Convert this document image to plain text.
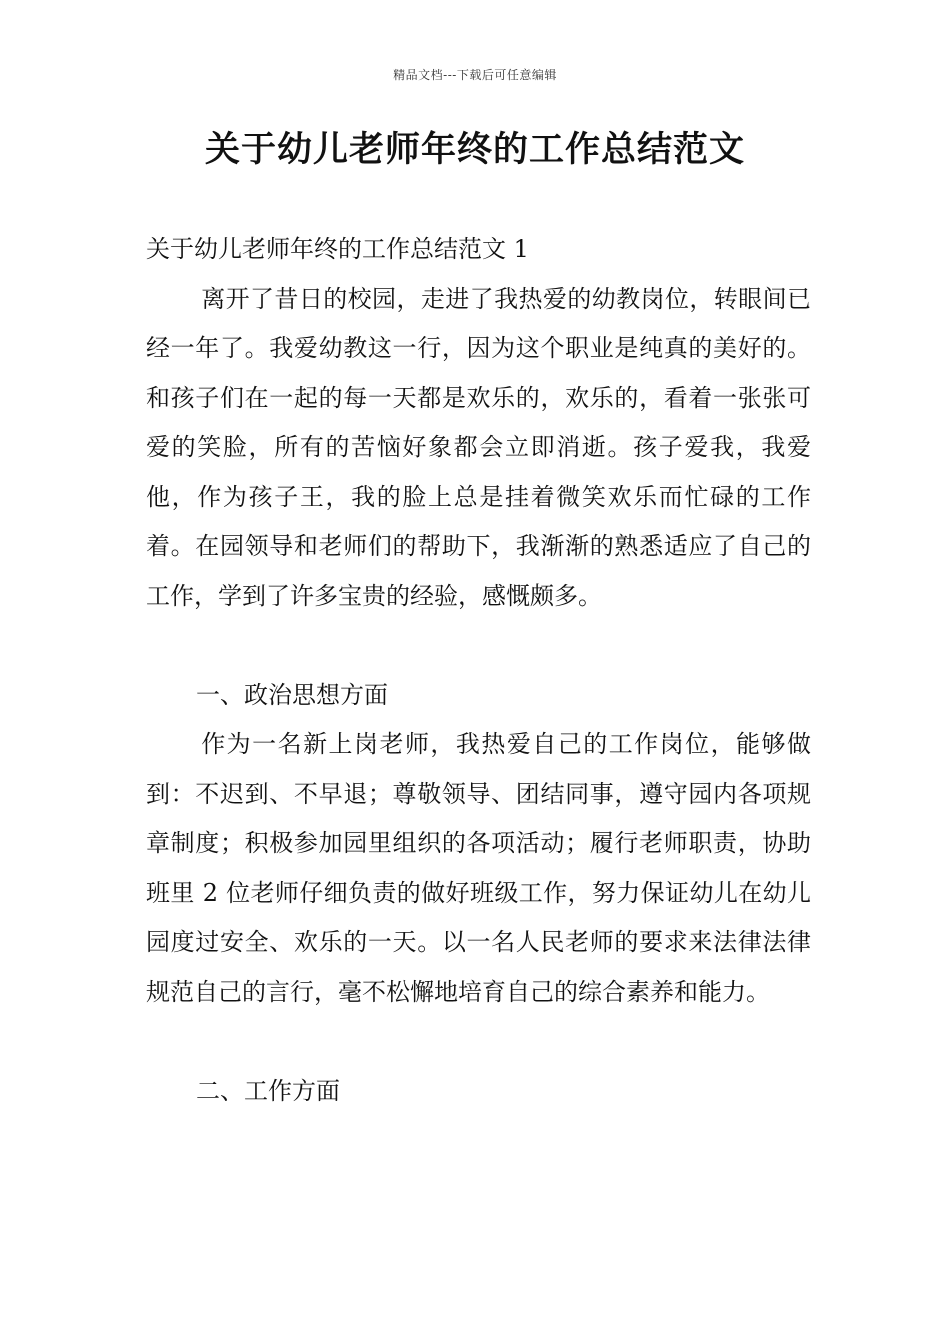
精品文档---下载后可任意编辑
关于幼儿老师年终的工作总结范文

关于幼儿老师年终的工作总结范文 1

离开了昔日的校园，走进了我热爱的幼教岗位，转眼间已经一年了。我爱幼教这一行，因为这个职业是纯真的美好的。和孩子们在一起的每一天都是欢乐的，欢乐的，看着一张张可爱的笑脸，所有的苦恼好象都会立即消逝。孩子爱我，我爱他，作为孩子王，我的脸上总是挂着微笑欢乐而忙碌的工作着。在园领导和老师们的帮助下，我渐渐的熟悉适应了自己的工作，学到了许多宝贵的经验，感慨颇多。

一、政治思想方面

作为一名新上岗老师，我热爱自己的工作岗位，能够做到：不迟到、不早退；尊敬领导、团结同事，遵守园内各项规章制度；积极参加园里组织的各项活动；履行老师职责，协助班里 2 位老师仔细负责的做好班级工作，努力保证幼儿在幼儿园度过安全、欢乐的一天。以一名人民老师的要求来法律法律规范自己的言行，毫不松懈地培育自己的综合素养和能力。

二、工作方面
